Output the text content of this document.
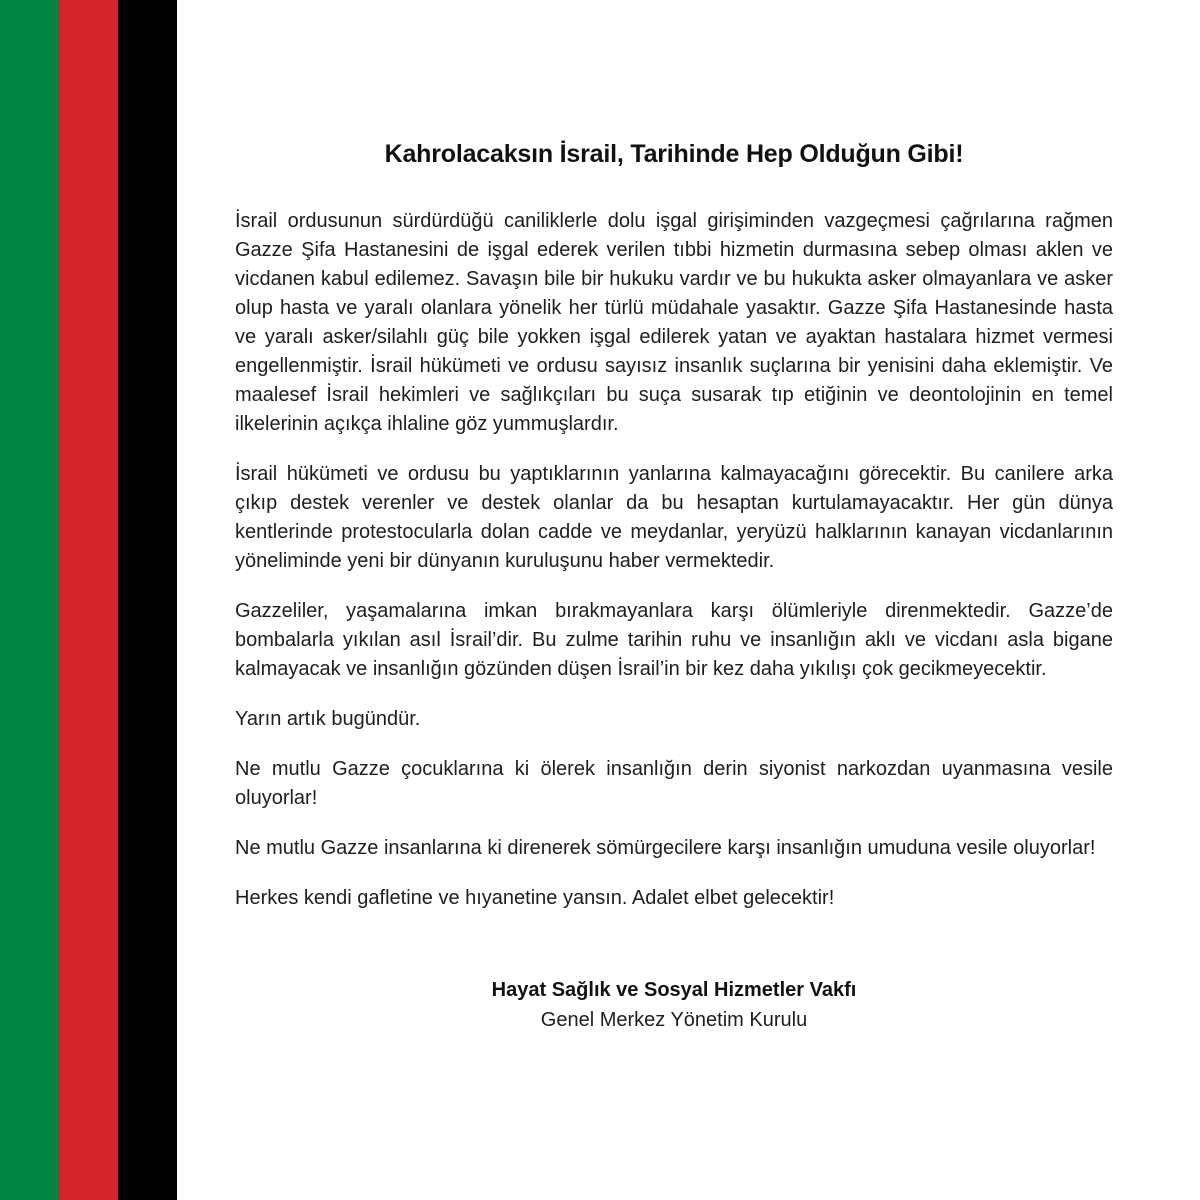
Kahrolacaksın İsrail, Tarihinde Hep Olduğun Gibi!

İsrail ordusunun sürdürdüğü caniliklerle dolu işgal girişiminden vazgeçmesi çağrılarına rağmen Gazze Şifa Hastanesini de işgal ederek verilen tıbbi hizmetin durmasına sebep olması aklen ve vicdanen kabul edilemez. Savaşın bile bir hukuku vardır ve bu hukukta asker olmayanlara ve asker olup hasta ve yaralı olanlara yönelik her türlü müdahale yasaktır. Gazze Şifa Hastanesinde hasta ve yaralı asker/silahlı güç bile yokken işgal edilerek yatan ve ayaktan hastalara hizmet vermesi engellenmiştir. İsrail hükümeti ve ordusu sayısız insanlık suçlarına bir yenisini daha eklemiştir. Ve maalesef İsrail hekimleri ve sağlıkçıları bu suça susarak tıp etiğinin ve deontolojinin en temel ilkelerinin açıkça ihlaline göz yummuşlardır.

İsrail hükümeti ve ordusu bu yaptıklarının yanlarına kalmayacağını görecektir. Bu canilere arka çıkıp destek verenler ve destek olanlar da bu hesaptan kurtulamayacaktır. Her gün dünya kentlerinde protestocularla dolan cadde ve meydanlar, yeryüzü halklarının kanayan vicdanlarının yöneliminde yeni bir dünyanın kuruluşunu haber vermektedir.

Gazzeliler, yaşamalarına imkan bırakmayanlara karşı ölümleriyle direnmektedir. Gazze’de bombalarla yıkılan asıl İsrail’dir. Bu zulme tarihin ruhu ve insanlığın aklı ve vicdanı asla bigane kalmayacak ve insanlığın gözünden düşen İsrail’in bir kez daha yıkılışı çok gecikmeyecektir.

Yarın artık bugündür.

Ne mutlu Gazze çocuklarına ki ölerek insanlığın derin siyonist narkozdan uyanmasına vesile oluyorlar!

Ne mutlu Gazze insanlarına ki direnerek sömürgecilere karşı insanlığın umuduna vesile oluyorlar!

Herkes kendi gafletine ve hıyanetine yansın. Adalet elbet gelecektir!

Hayat Sağlık ve Sosyal Hizmetler Vakfı
Genel Merkez Yönetim Kurulu
